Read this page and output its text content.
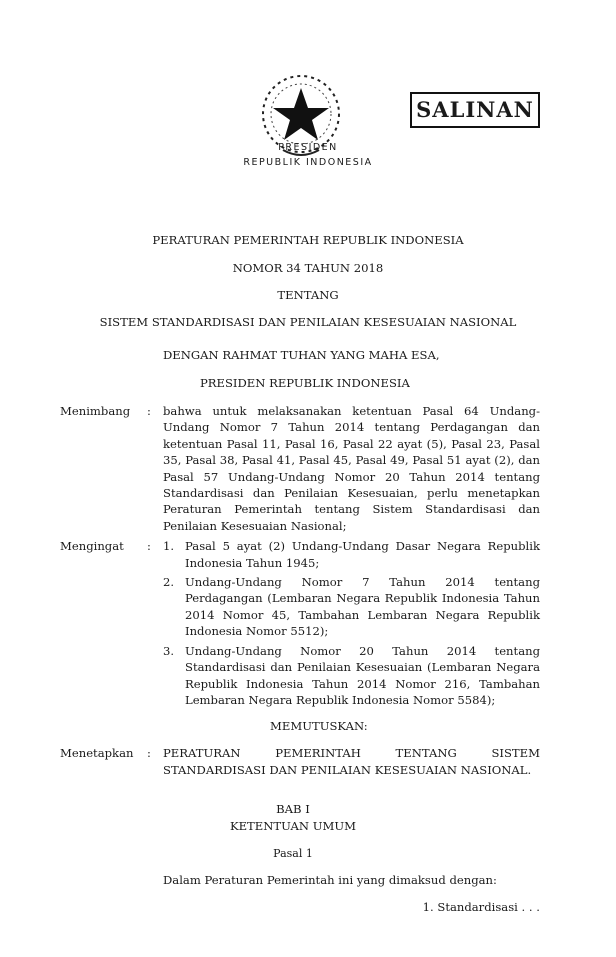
SALINAN
PRESIDEN
REPUBLIK INDONESIA
PERATURAN PEMERINTAH REPUBLIK INDONESIA
NOMOR 34 TAHUN 2018
TENTANG
SISTEM STANDARDISASI DAN PENILAIAN KESESUAIAN NASIONAL
DENGAN RAHMAT TUHAN YANG MAHA ESA,
PRESIDEN REPUBLIK INDONESIA
Menimbang	:	bahwa untuk melaksanakan ketentuan Pasal 64 Undang-Undang Nomor 7 Tahun 2014 tentang Perdagangan dan ketentuan Pasal 11, Pasal 16, Pasal 22 ayat (5), Pasal 23, Pasal 35, Pasal 38, Pasal 41, Pasal 45, Pasal 49, Pasal 51 ayat (2), dan Pasal 57 Undang-Undang Nomor 20 Tahun 2014 tentang Standardisasi dan Penilaian Kesesuaian, perlu menetapkan Peraturan Pemerintah tentang Sistem Standardisasi dan Penilaian Kesesuaian Nasional;
Mengingat	:	1. Pasal 5 ayat (2) Undang-Undang Dasar Negara Republik Indonesia Tahun 1945;
2. Undang-Undang Nomor 7 Tahun 2014 tentang Perdagangan (Lembaran Negara Republik Indonesia Tahun 2014 Nomor 45, Tambahan Lembaran Negara Republik Indonesia Nomor 5512);
3. Undang-Undang Nomor 20 Tahun 2014 tentang Standardisasi dan Penilaian Kesesuaian (Lembaran Negara Republik Indonesia Tahun 2014 Nomor 216, Tambahan Lembaran Negara Republik Indonesia Nomor 5584);
MEMUTUSKAN:
Menetapkan	:	PERATURAN PEMERINTAH TENTANG SISTEM STANDARDISASI DAN PENILAIAN KESESUAIAN NASIONAL.
BAB I
KETENTUAN UMUM
Pasal 1
Dalam Peraturan Pemerintah ini yang dimaksud dengan:
1. Standardisasi . . .
